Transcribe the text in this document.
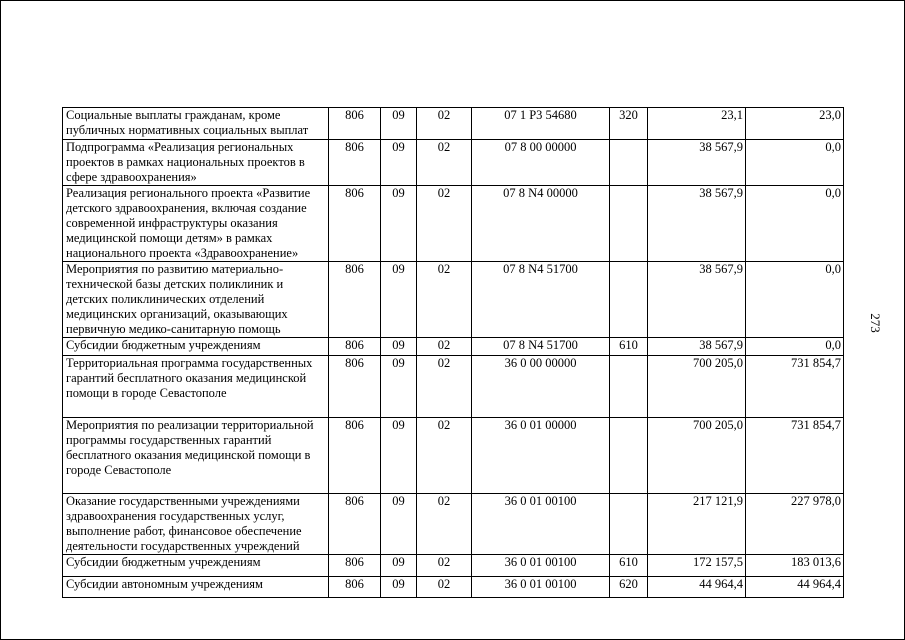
Социальные выплаты гражданам, кроме публичных нормативных социальных выплат	806	09	02	07 1 P3 54680	320	23,1	23,0
Подпрограмма «Реализация региональных проектов в рамках национальных проектов в сфере здравоохранения»	806	09	02	07 8 00 00000		38 567,9	0,0
Реализация регионального проекта «Развитие детского здравоохранения, включая создание современной инфраструктуры оказания медицинской помощи детям» в рамках национального проекта «Здравоохранение»	806	09	02	07 8 N4 00000		38 567,9	0,0
Мероприятия по развитию материально-технической базы детских поликлиник и детских поликлинических отделений медицинских организаций, оказывающих первичную медико-санитарную помощь	806	09	02	07 8 N4 51700		38 567,9	0,0
Субсидии бюджетным учреждениям	806	09	02	07 8 N4 51700	610	38 567,9	0,0
Территориальная программа государственных гарантий бесплатного оказания медицинской помощи в городе Севастополе	806	09	02	36 0 00 00000		700 205,0	731 854,7
Мероприятия по реализации территориальной программы государственных гарантий бесплатного оказания медицинской помощи в городе Севастополе	806	09	02	36 0 01 00000		700 205,0	731 854,7
Оказание государственными учреждениями здравоохранения государственных услуг, выполнение работ, финансовое обеспечение деятельности государственных учреждений	806	09	02	36 0 01 00100		217 121,9	227 978,0
Субсидии бюджетным учреждениям	806	09	02	36 0 01 00100	610	172 157,5	183 013,6
Субсидии автономным учреждениям	806	09	02	36 0 01 00100	620	44 964,4	44 964,4
273
